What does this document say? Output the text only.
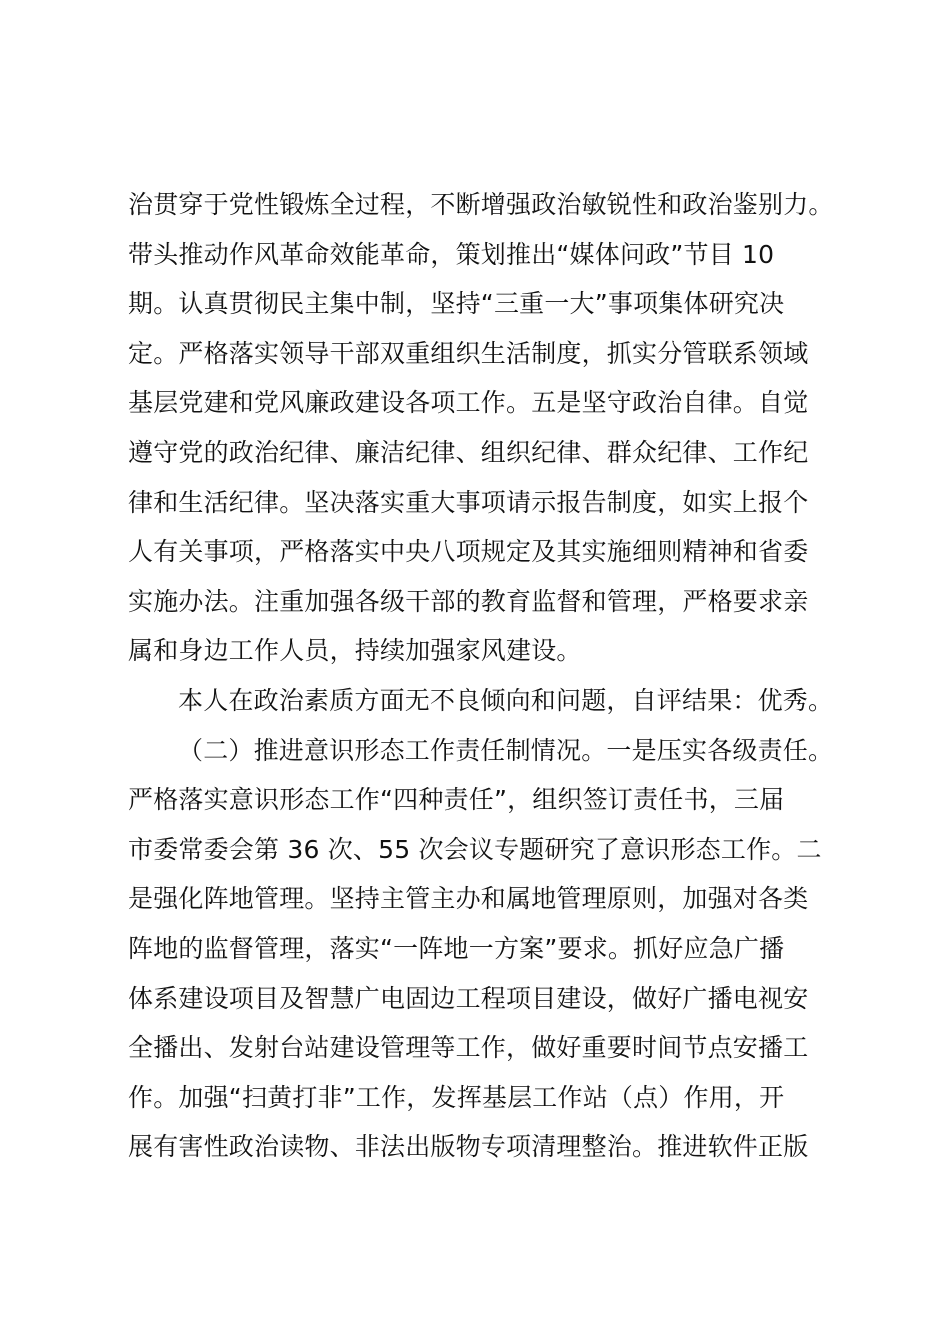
治贯穿于党性锻炼全过程，不断增强政治敏锐性和政治鉴别力。
带头推动作风革命效能革命，策划推出“媒体问政”节目 10
期。认真贯彻民主集中制，坚持“三重一大”事项集体研究决
定。严格落实领导干部双重组织生活制度，抓实分管联系领域
基层党建和党风廉政建设各项工作。五是坚守政治自律。自觉
遵守党的政治纪律、廉洁纪律、组织纪律、群众纪律、工作纪
律和生活纪律。坚决落实重大事项请示报告制度，如实上报个
人有关事项，严格落实中央八项规定及其实施细则精神和省委
实施办法。注重加强各级干部的教育监督和管理，严格要求亲
属和身边工作人员，持续加强家风建设。
本人在政治素质方面无不良倾向和问题，自评结果：优秀。
（二）推进意识形态工作责任制情况。一是压实各级责任。
严格落实意识形态工作“四种责任”，组织签订责任书，三届
市委常委会第 36 次、55 次会议专题研究了意识形态工作。二
是强化阵地管理。坚持主管主办和属地管理原则，加强对各类
阵地的监督管理，落实“一阵地一方案”要求。抓好应急广播
体系建设项目及智慧广电固边工程项目建设，做好广播电视安
全播出、发射台站建设管理等工作，做好重要时间节点安播工
作。加强“扫黄打非”工作，发挥基层工作站（点）作用，开
展有害性政治读物、非法出版物专项清理整治。推进软件正版
